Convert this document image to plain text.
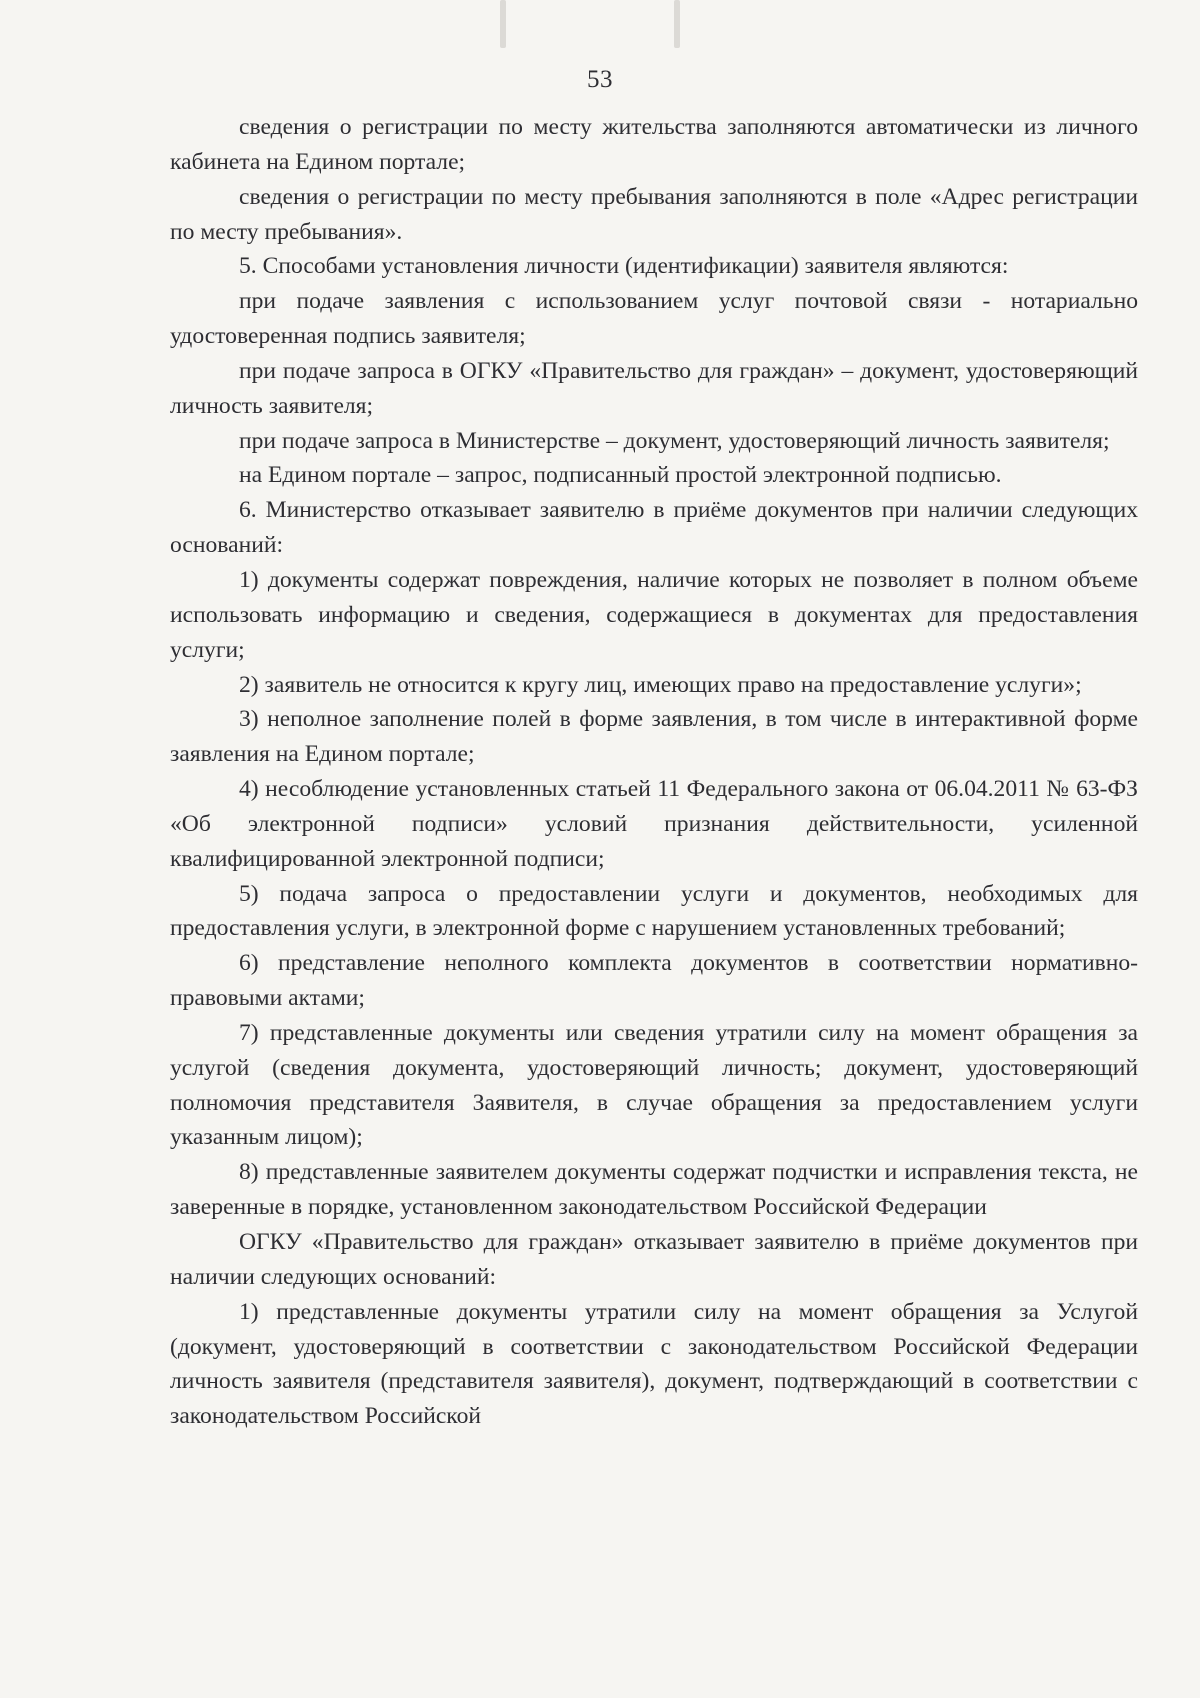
53

сведения о регистрации по месту жительства заполняются автоматически из личного кабинета на Едином портале;

сведения о регистрации по месту пребывания заполняются в поле «Адрес регистрации по месту пребывания».

5. Способами установления личности (идентификации) заявителя являются:

при подаче заявления с использованием услуг почтовой связи - нотариально удостоверенная подпись заявителя;

при подаче запроса в ОГКУ «Правительство для граждан» – документ, удостоверяющий личность заявителя;

при подаче запроса в Министерстве – документ, удостоверяющий личность заявителя;

на Едином портале – запрос, подписанный простой электронной подписью.

6. Министерство отказывает заявителю в приёме документов при наличии следующих оснований:

1) документы содержат повреждения, наличие которых не позволяет в полном объеме использовать информацию и сведения, содержащиеся в документах для предоставления услуги;

2) заявитель не относится к кругу лиц, имеющих право на предоставление услуги»;

3) неполное заполнение полей в форме заявления, в том числе в интерактивной форме заявления на Едином портале;

4) несоблюдение установленных статьей 11 Федерального закона от 06.04.2011 № 63-ФЗ «Об электронной подписи» условий признания действительности, усиленной квалифицированной электронной подписи;

5) подача запроса о предоставлении услуги и документов, необходимых для предоставления услуги, в электронной форме с нарушением установленных требований;

6) представление неполного комплекта документов в соответствии нормативно-правовыми актами;

7) представленные документы или сведения утратили силу на момент обращения за услугой (сведения документа, удостоверяющий личность; документ, удостоверяющий полномочия представителя Заявителя, в случае обращения за предоставлением услуги указанным лицом);

8) представленные заявителем документы содержат подчистки и исправления текста, не заверенные в порядке, установленном законодательством Российской Федерации

ОГКУ «Правительство для граждан» отказывает заявителю в приёме документов при наличии следующих оснований:

1) представленные документы утратили силу на момент обращения за Услугой (документ, удостоверяющий в соответствии с законодательством Российской Федерации личность заявителя (представителя заявителя), документ, подтверждающий в соответствии с законодательством Российской
